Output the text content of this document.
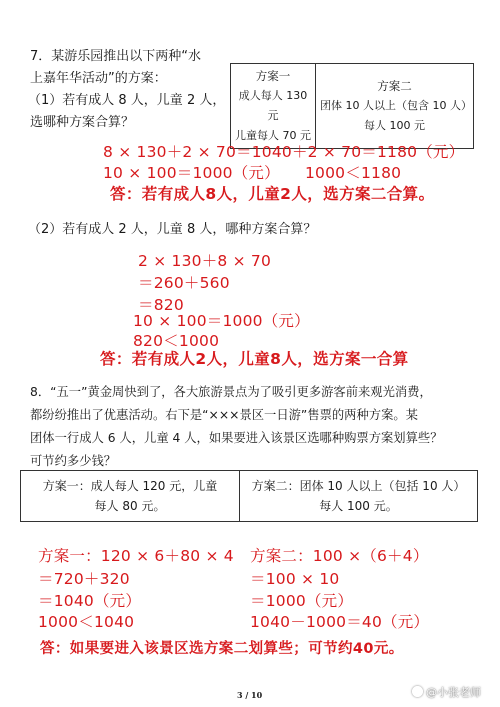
7．某游乐园推出以下两种“水
上嘉年华活动”的方案：
（1）若有成人 8 人，儿童 2 人，
选哪种方案合算？
方案一
成人每人 130 元
儿童每人 70 元

方案二
团体 10 人以上（包含 10 人）
每人 100 元
8 × 130＋2 × 70＝1040＋2 × 70＝1180（元）
10 × 100＝1000（元） 1000＜1180
答：若有成人8人，儿童2人，选方案二合算。
（2）若有成人 2 人，儿童 8 人，哪种方案合算？
2 × 130＋8 × 70
＝260＋560
＝820
10 × 100＝1000（元）
820＜1000
答：若有成人2人，儿童8人，选方案一合算
8．“五一”黄金周快到了，各大旅游景点为了吸引更多游客前来观光消费，
都纷纷推出了优惠活动。右下是“×××景区一日游”售票的两种方案。某
团体一行成人 6 人，儿童 4 人，如果要进入该景区选哪种购票方案划算些？
可节约多少钱？
方案一：成人每人 120 元，儿童
每人 80 元。

方案二：团体 10 人以上（包括 10 人）
每人 100 元。
方案一：120 × 6＋80 × 4
＝720＋320
＝1040（元）
1000＜1040
方案二：100 ×（6＋4）
＝100 × 10
＝1000（元）
1040－1000＝40（元）
答：如果要进入该景区选方案二划算些；可节约40元。
3 / 10	@小张老师
